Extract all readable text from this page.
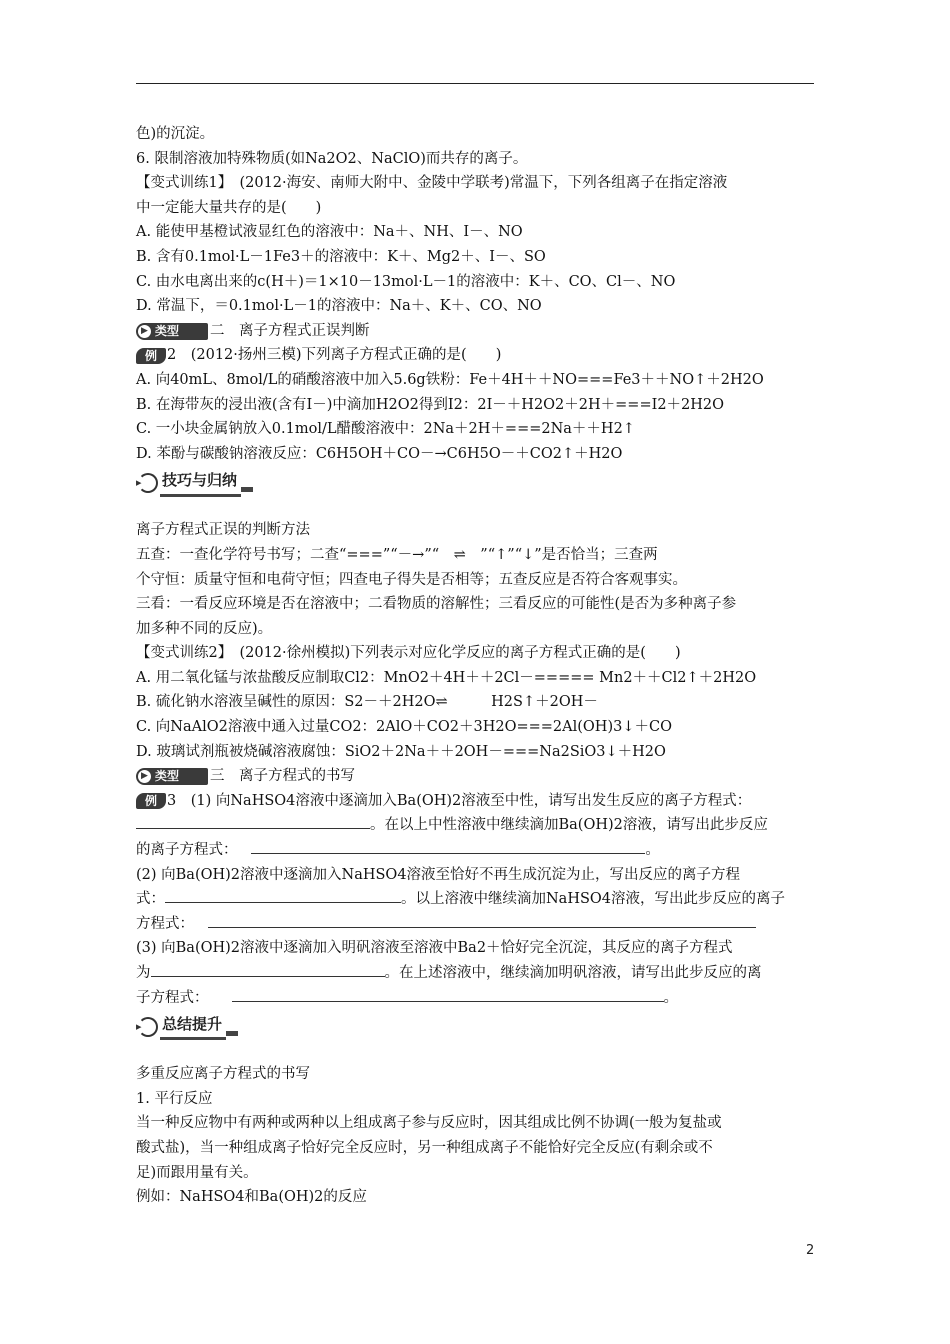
色)的沉淀。
6. 限制溶液加特殊物质(如Na2O2、NaClO)而共存的离子。
【变式训练1】　(2012·海安、南师大附中、金陵中学联考)常温下，下列各组离子在指定溶液
中一定能大量共存的是(　　)
A. 能使甲基橙试液显红色的溶液中：Na＋、NH、I－、NO
B. 含有0.1mol·L－1Fe3＋的溶液中：K＋、Mg2＋、I－、SO
C. 由水电离出来的c(H＋)＝1×10－13mol·L－1的溶液中：K＋、CO、Cl－、NO
D. 常温下，＝0.1mol·L－1的溶液中：Na＋、K＋、CO、NO
▶ 类型 二　离子方程式正误判断
例 2　(2012·扬州三模)下列离子方程式正确的是(　　)
A. 向40mL、8mol/L的硝酸溶液中加入5.6g铁粉：Fe＋4H＋＋NO===Fe3＋＋NO↑＋2H2O
B. 在海带灰的浸出液(含有I－)中滴加H2O2得到I2：2I－＋H2O2＋2H＋===I2＋2H2O
C. 一小块金属钠放入0.1mol/L醋酸溶液中：2Na＋2H＋===2Na＋＋H2↑
D. 苯酚与碳酸钠溶液反应：C6H5OH＋CO－→C6H5O－＋CO2↑＋H2O
▸ 技巧与归纳
离子方程式正误的判断方法
五查：一查化学符号书写；二查“===”“－→”“　⇌　”“↑”“↓”是否恰当；三查两
个守恒：质量守恒和电荷守恒；四查电子得失是否相等；五查反应是否符合客观事实。
三看：一看反应环境是否在溶液中；二看物质的溶解性；三看反应的可能性(是否为多种离子参
加多种不同的反应)。
【变式训练2】　(2012·徐州模拟)下列表示对应化学反应的离子方程式正确的是(　　)
A. 用二氧化锰与浓盐酸反应制取Cl2：MnO2＋4H＋＋2Cl－===== Mn2＋＋Cl2↑＋2H2O
B. 硫化钠水溶液呈碱性的原因：S2－＋2H2O⇌　　　H2S↑＋2OH－
C. 向NaAlO2溶液中通入过量CO2：2AlO＋CO2＋3H2O===2Al(OH)3↓＋CO
D. 玻璃试剂瓶被烧碱溶液腐蚀：SiO2＋2Na＋＋2OH－===Na2SiO3↓＋H2O
▶ 类型 三　离子方程式的书写
例 3　(1) 向NaHSO4溶液中逐滴加入Ba(OH)2溶液至中性，请写出发生反应的离子方程式：
。在以上中性溶液中继续滴加Ba(OH)2溶液，请写出此步反应
的离子方程式：	。
(2) 向Ba(OH)2溶液中逐滴加入NaHSO4溶液至恰好不再生成沉淀为止，写出反应的离子方程
式：	。以上溶液中继续滴加NaHSO4溶液，写出此步反应的离子
方程式：
(3) 向Ba(OH)2溶液中逐滴加入明矾溶液至溶液中Ba2＋恰好完全沉淀，其反应的离子方程式
为	。在上述溶液中，继续滴加明矾溶液，请写出此步反应的离
子方程式：	。
▸ 总结提升
多重反应离子方程式的书写
1. 平行反应
当一种反应物中有两种或两种以上组成离子参与反应时，因其组成比例不协调(一般为复盐或
酸式盐)，当一种组成离子恰好完全反应时，另一种组成离子不能恰好完全反应(有剩余或不
足)而跟用量有关。
例如：NaHSO4和Ba(OH)2的反应
2
